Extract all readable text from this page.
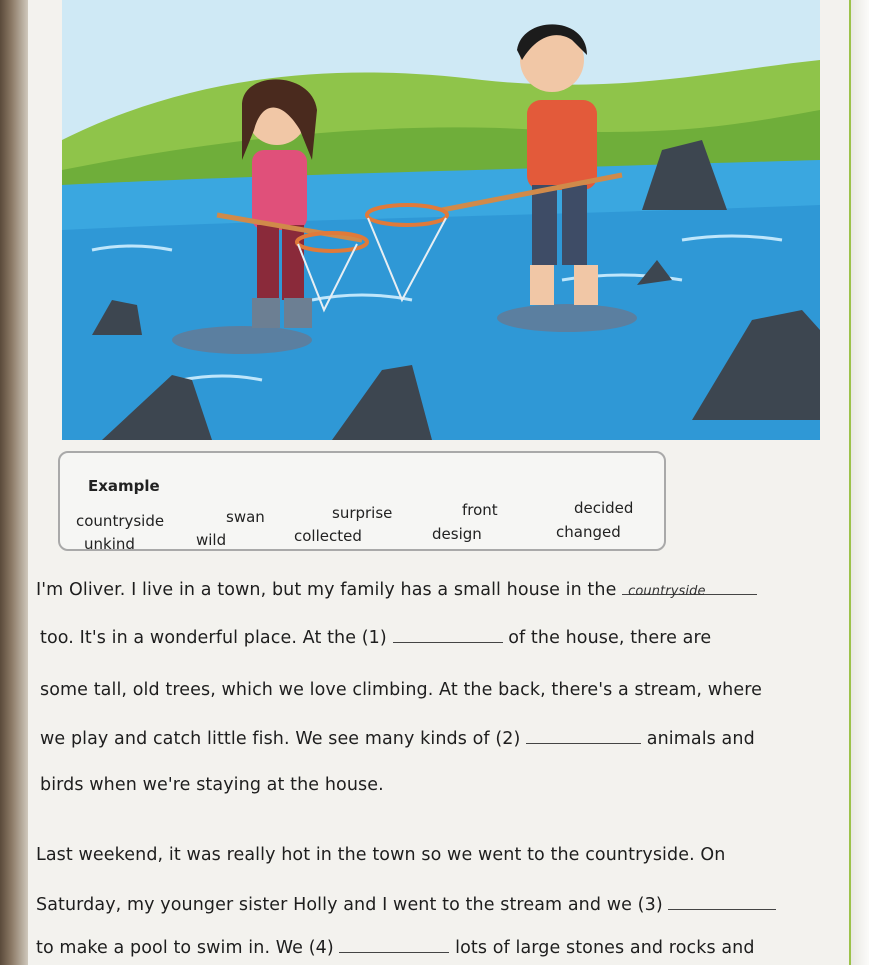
Example
countryside	swan	surprise	front	decided
unkind	wild	collected	design	changed
I'm Oliver. I live in a town, but my family has a small house in the countryside
too. It's in a wonderful place. At the (1)	of the house, there are
some tall, old trees, which we love climbing. At the back, there's a stream, where
we play and catch little fish. We see many kinds of (2)	animals and
birds when we're staying at the house.
Last weekend, it was really hot in the town so we went to the countryside. On
Saturday, my younger sister Holly and I went to the stream and we (3)
to make a pool to swim in. We (4)	lots of large stones and rocks and
